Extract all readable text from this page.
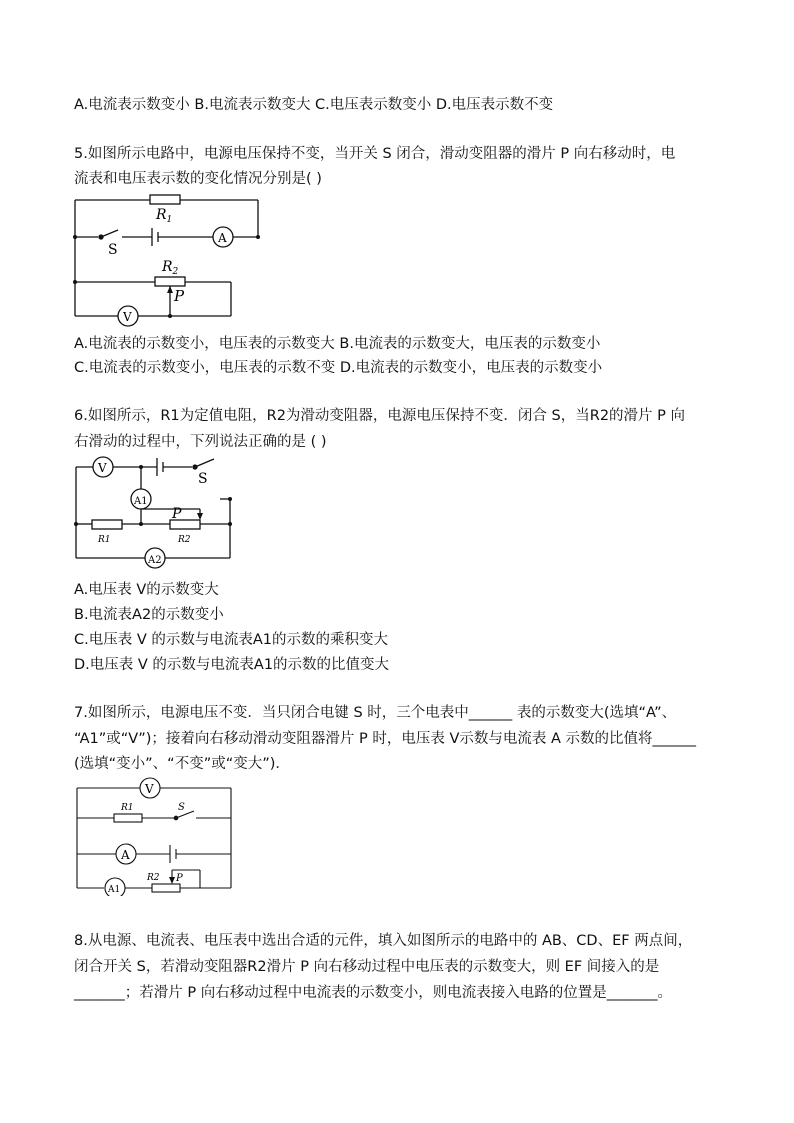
A.电流表示数变小 B.电流表示数变大 C.电压表示数变小 D.电压表示数不变
5.如图所示电路中，电源电压保持不变，当开关 S 闭合，滑动变阻器的滑片 P 向右移动时，电
流表和电压表示数的变化情况分别是( )
$R_1$
S
A
$R_2$
P
V
A.电流表的示数变小，电压表的示数变大 B.电流表的示数变大，电压表的示数变小
C.电流表的示数变小，电压表的示数不变 D.电流表的示数变小，电压表的示数变小
6.如图所示，R1为定值电阻，R2为滑动变阻器，电源电压保持不变．闭合 S，当R2的滑片 P 向
右滑动的过程中，下列说法正确的是 ( )
V
A1
A2
S
P
R1	R2
A.电压表 V的示数变大
B.电流表A2的示数变小
C.电压表 V 的示数与电流表A1的示数的乘积变大
D.电压表 V 的示数与电流表A1的示数的比值变大
7.如图所示，电源电压不变．当只闭合电键 S 时，三个电表中______ 表的示数变大(选填“A”、
“A1”或“V”)；接着向右移动滑动变阻器滑片 P 时，电压表 V示数与电流表 A 示数的比值将______
(选填“变小”、“不变”或“变大”)．
V
R1	S
A
A1
R2 P
8.从电源、电流表、电压表中选出合适的元件，填入如图所示的电路中的 AB、CD、EF 两点间，
闭合开关 S，若滑动变阻器R2滑片 P 向右移动过程中电压表的示数变大，则 EF 间接入的是
_______；若滑片 P 向右移动过程中电流表的示数变小，则电流表接入电路的位置是_______。
